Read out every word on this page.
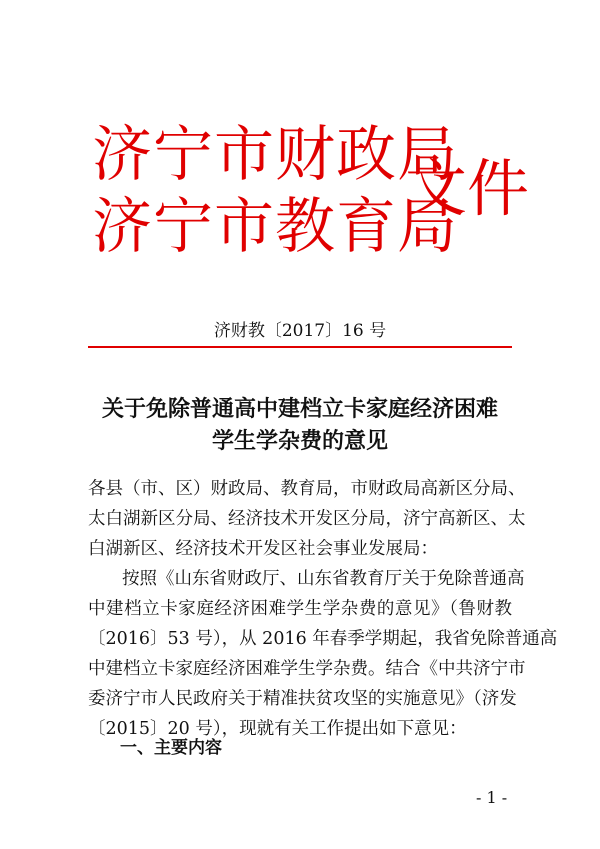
济宁市财政局
济宁市教育局
文件
济财教〔2017〕16 号
关于免除普通高中建档立卡家庭经济困难
学生学杂费的意见
各县（市、区）财政局、教育局，市财政局高新区分局、
太白湖新区分局、经济技术开发区分局，济宁高新区、太
白湖新区、经济技术开发区社会事业发展局：
按照《山东省财政厅、山东省教育厅关于免除普通高
中建档立卡家庭经济困难学生学杂费的意见》（鲁财教
〔2016〕53 号），从 2016 年春季学期起，我省免除普通高
中建档立卡家庭经济困难学生学杂费。结合《中共济宁市
委济宁市人民政府关于精准扶贫攻坚的实施意见》（济发
〔2015〕20 号），现就有关工作提出如下意见：
一、主要内容
- 1 -
